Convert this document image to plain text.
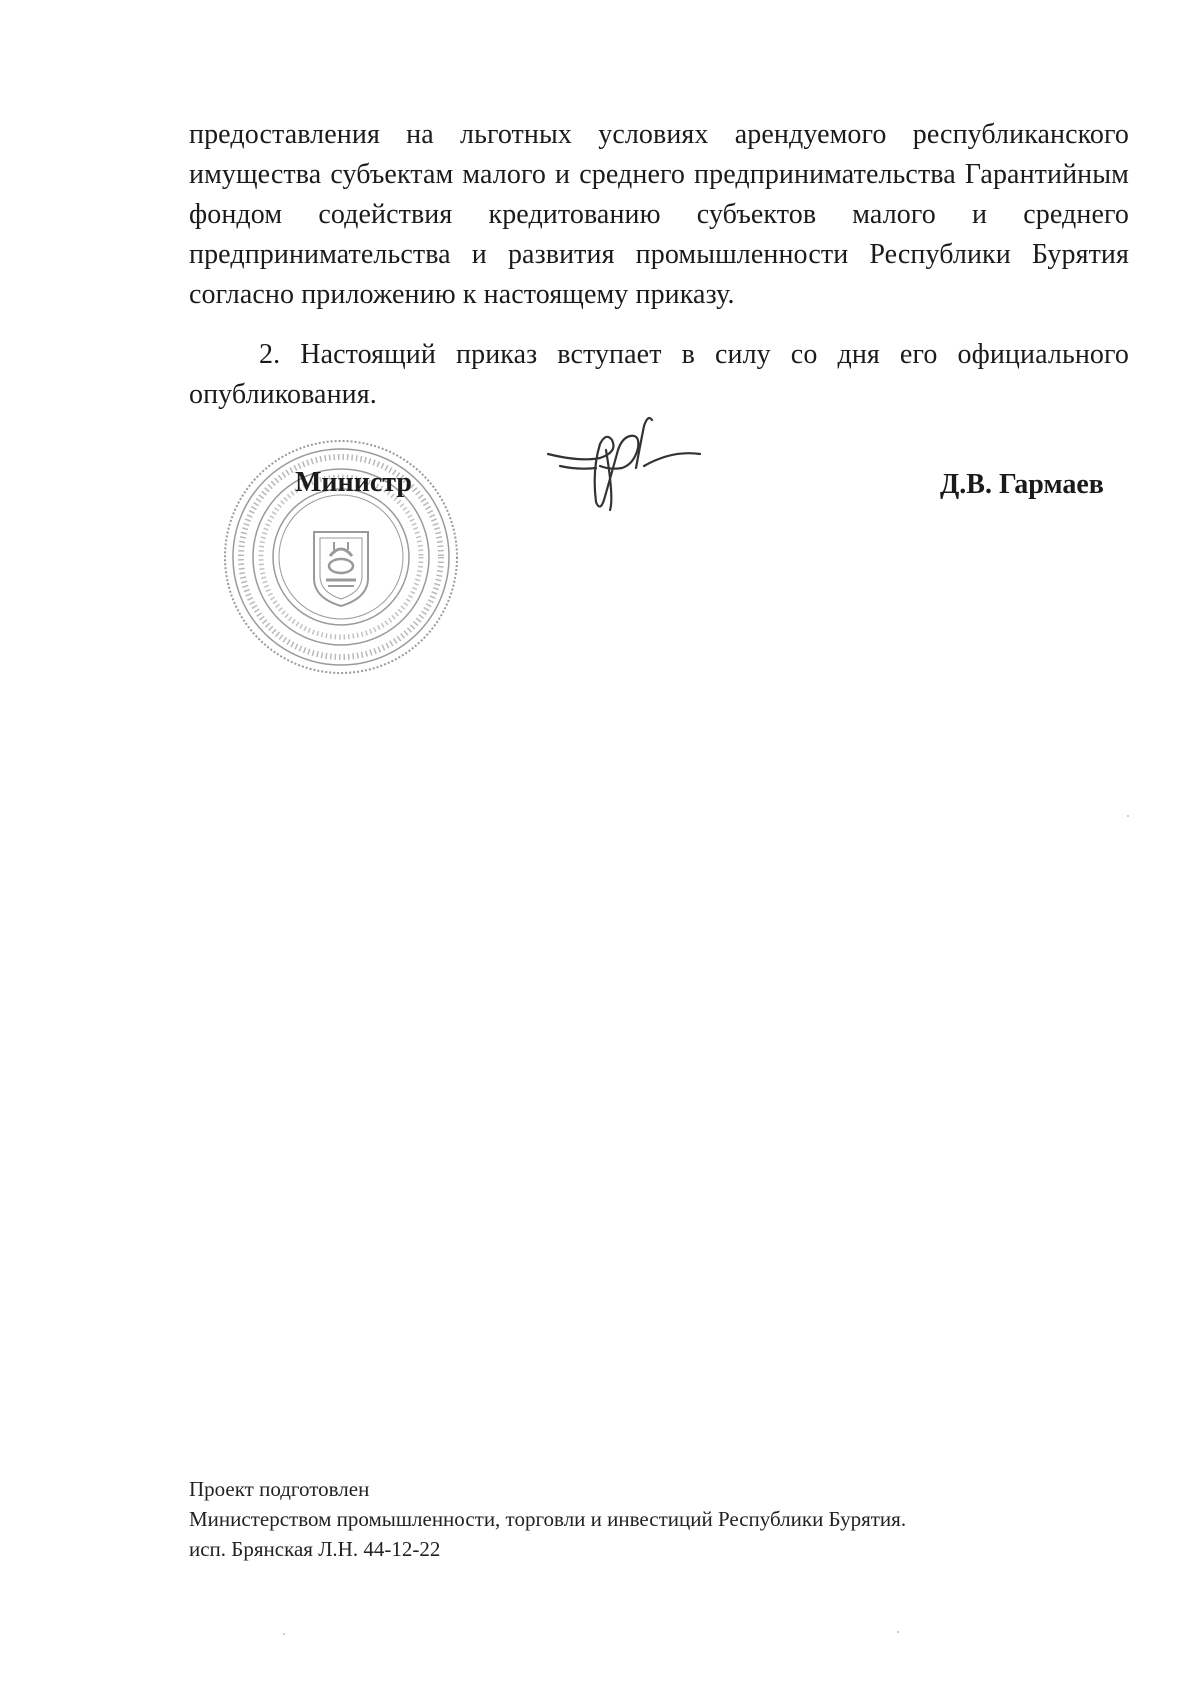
предоставления на льготных условиях арендуемого республиканского имущества субъектам малого и среднего предпринимательства Гарантийным фондом содействия кредитованию субъектов малого и среднего предпринимательства и развития промышленности Республики Бурятия согласно приложению к настоящему приказу.

2. Настоящий приказ вступает в силу со дня его официального опубликования.

Министр	Д.В. Гармаев
Проект подготовлен
Министерством промышленности, торговли и инвестиций Республики Бурятия.
исп. Брянская Л.Н. 44-12-22
